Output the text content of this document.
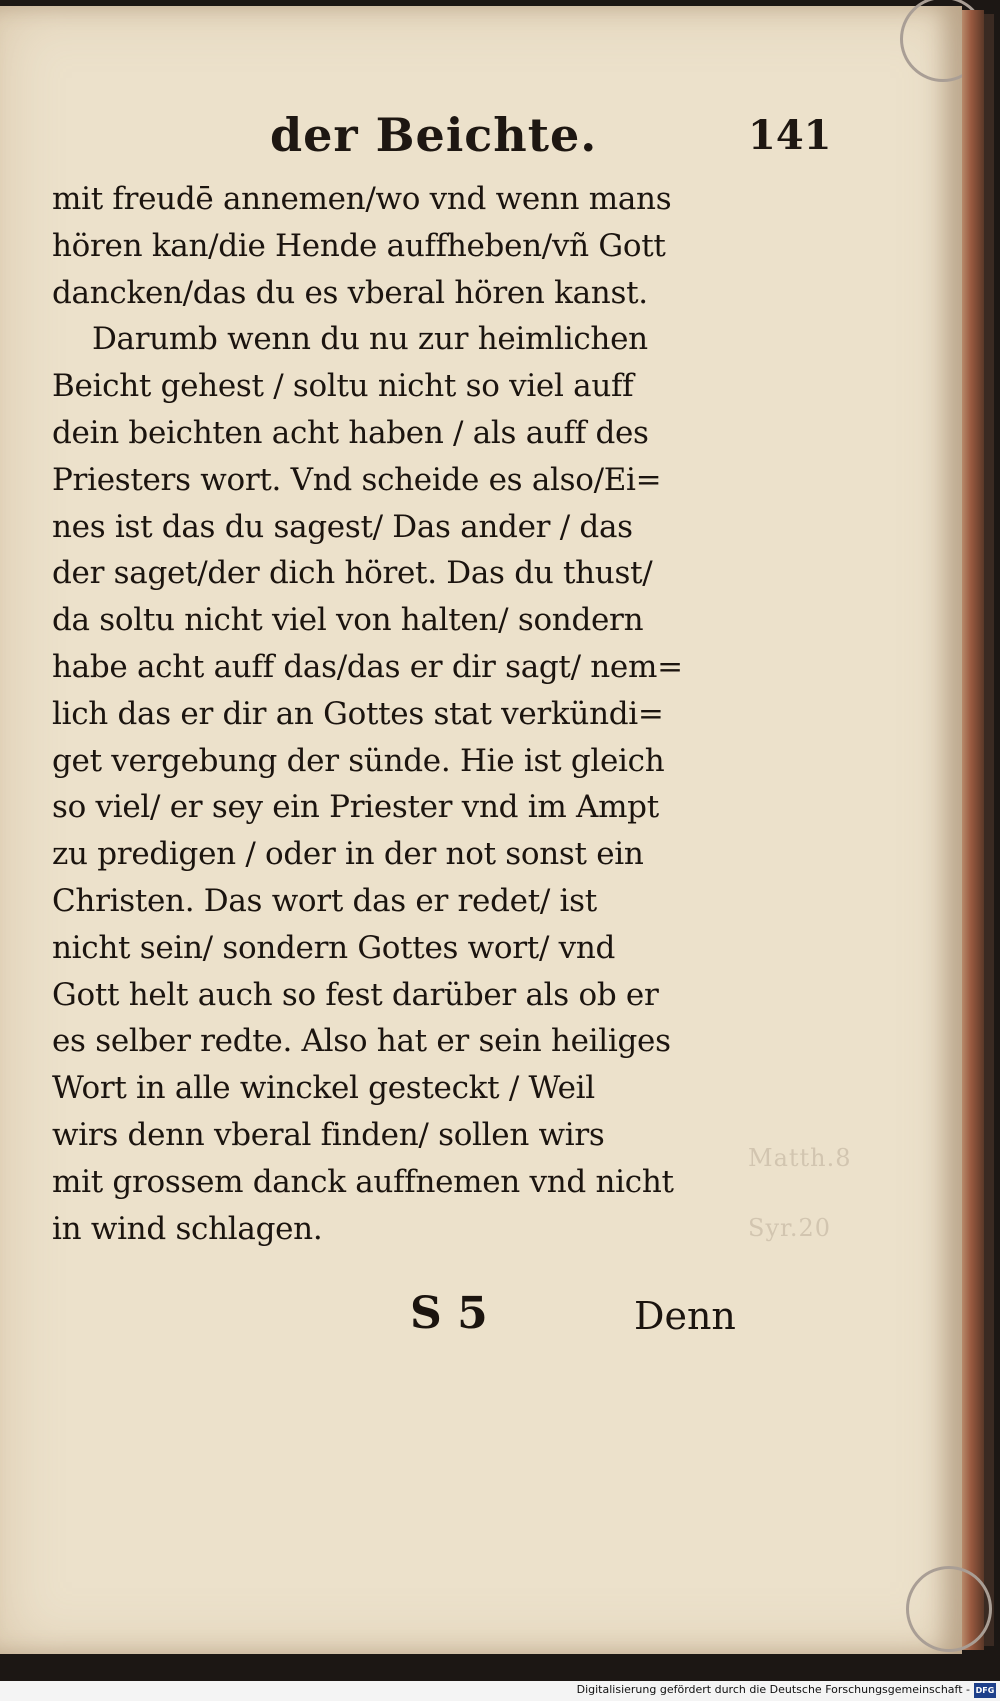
Matth.8
Syr.20
der Beichte.	141
mit freudē annemen/wo vnd wenn mans
hören kan/die Hende auffheben/vñ Gott
dancken/das du es vberal hören kanst.
Darumb wenn du nu zur heimlichen
Beicht gehest / soltu nicht so viel auff
dein beichten acht haben / als auff des
Priesters wort. Vnd scheide es also/Ei=
nes ist das du sagest/ Das ander / das
der saget/der dich höret. Das du thust/
da soltu nicht viel von halten/ sondern
habe acht auff das/das er dir sagt/ nem=
lich das er dir an Gottes stat verkündi=
get vergebung der sünde. Hie ist gleich
so viel/ er sey ein Priester vnd im Ampt
zu predigen / oder in der not sonst ein
Christen. Das wort das er redet/ ist
nicht sein/ sondern Gottes wort/ vnd
Gott helt auch so fest darüber als ob er
es selber redte. Also hat er sein heiliges
Wort in alle winckel gesteckt / Weil
wirs denn vberal finden/ sollen wirs
mit grossem danck auffnemen vnd nicht
in wind schlagen.
S 5	Denn
Digitalisierung gefördert durch die Deutsche Forschungsgemeinschaft - DFG
